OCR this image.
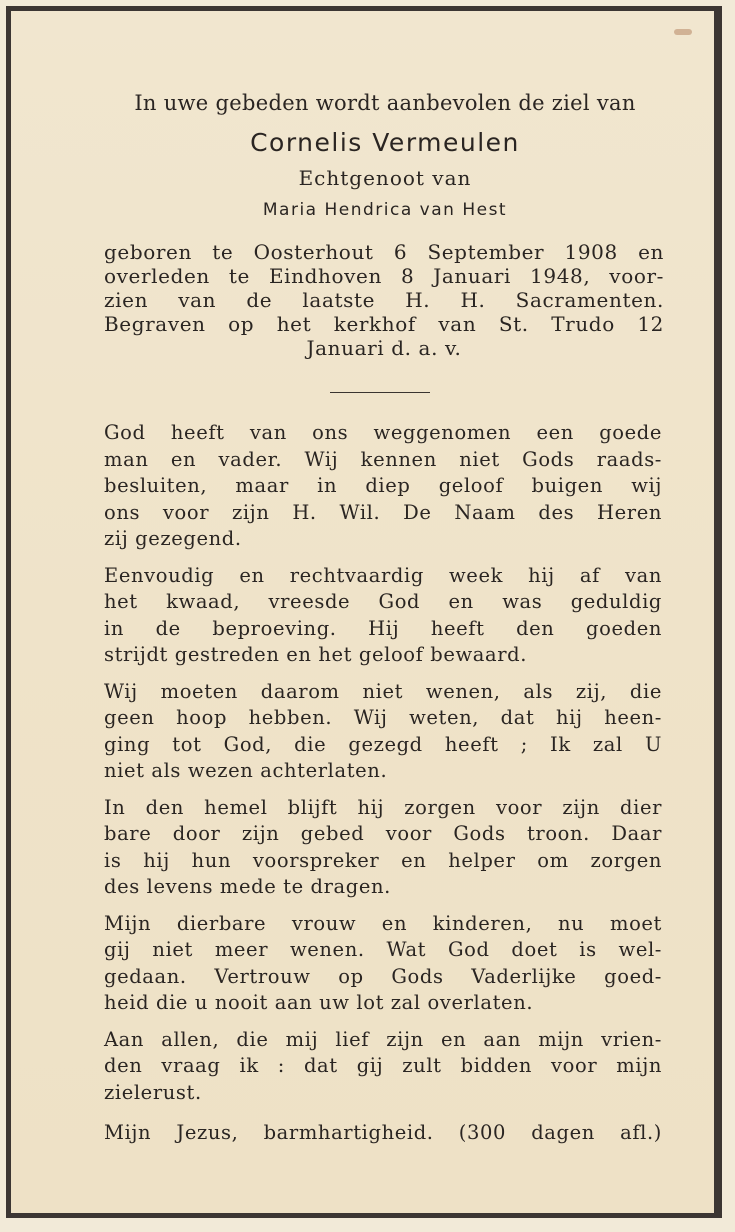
In uwe gebeden wordt aanbevolen de ziel van
Cornelis Vermeulen
Echtgenoot van
Maria Hendrica van Hest
geboren te Oosterhout 6 September 1908 en
overleden te Eindhoven 8 Januari 1948, voor-
zien van de laatste H. H. Sacramenten.
Begraven op het kerkhof van St. Trudo 12
Januari d. a. v.
God heeft van ons weggenomen een goede
man en vader. Wij kennen niet Gods raads-
besluiten, maar in diep geloof buigen wij
ons voor zijn H. Wil. De Naam des Heren
zij gezegend.
Eenvoudig en rechtvaardig week hij af van
het kwaad, vreesde God en was geduldig
in de beproeving. Hij heeft den goeden
strijdt gestreden en het geloof bewaard.
Wij moeten daarom niet wenen, als zij, die
geen hoop hebben. Wij weten, dat hij heen-
ging tot God, die gezegd heeft ; Ik zal U
niet als wezen achterlaten.
In den hemel blijft hij zorgen voor zijn dier
bare door zijn gebed voor Gods troon. Daar
is hij hun voorspreker en helper om zorgen
des levens mede te dragen.
Mijn dierbare vrouw en kinderen, nu moet
gij niet meer wenen. Wat God doet is wel-
gedaan. Vertrouw op Gods Vaderlijke goed-
heid die u nooit aan uw lot zal overlaten.
Aan allen, die mij lief zijn en aan mijn vrien-
den vraag ik : dat gij zult bidden voor mijn
zielerust.
Mijn Jezus, barmhartigheid. (300 dagen afl.)
